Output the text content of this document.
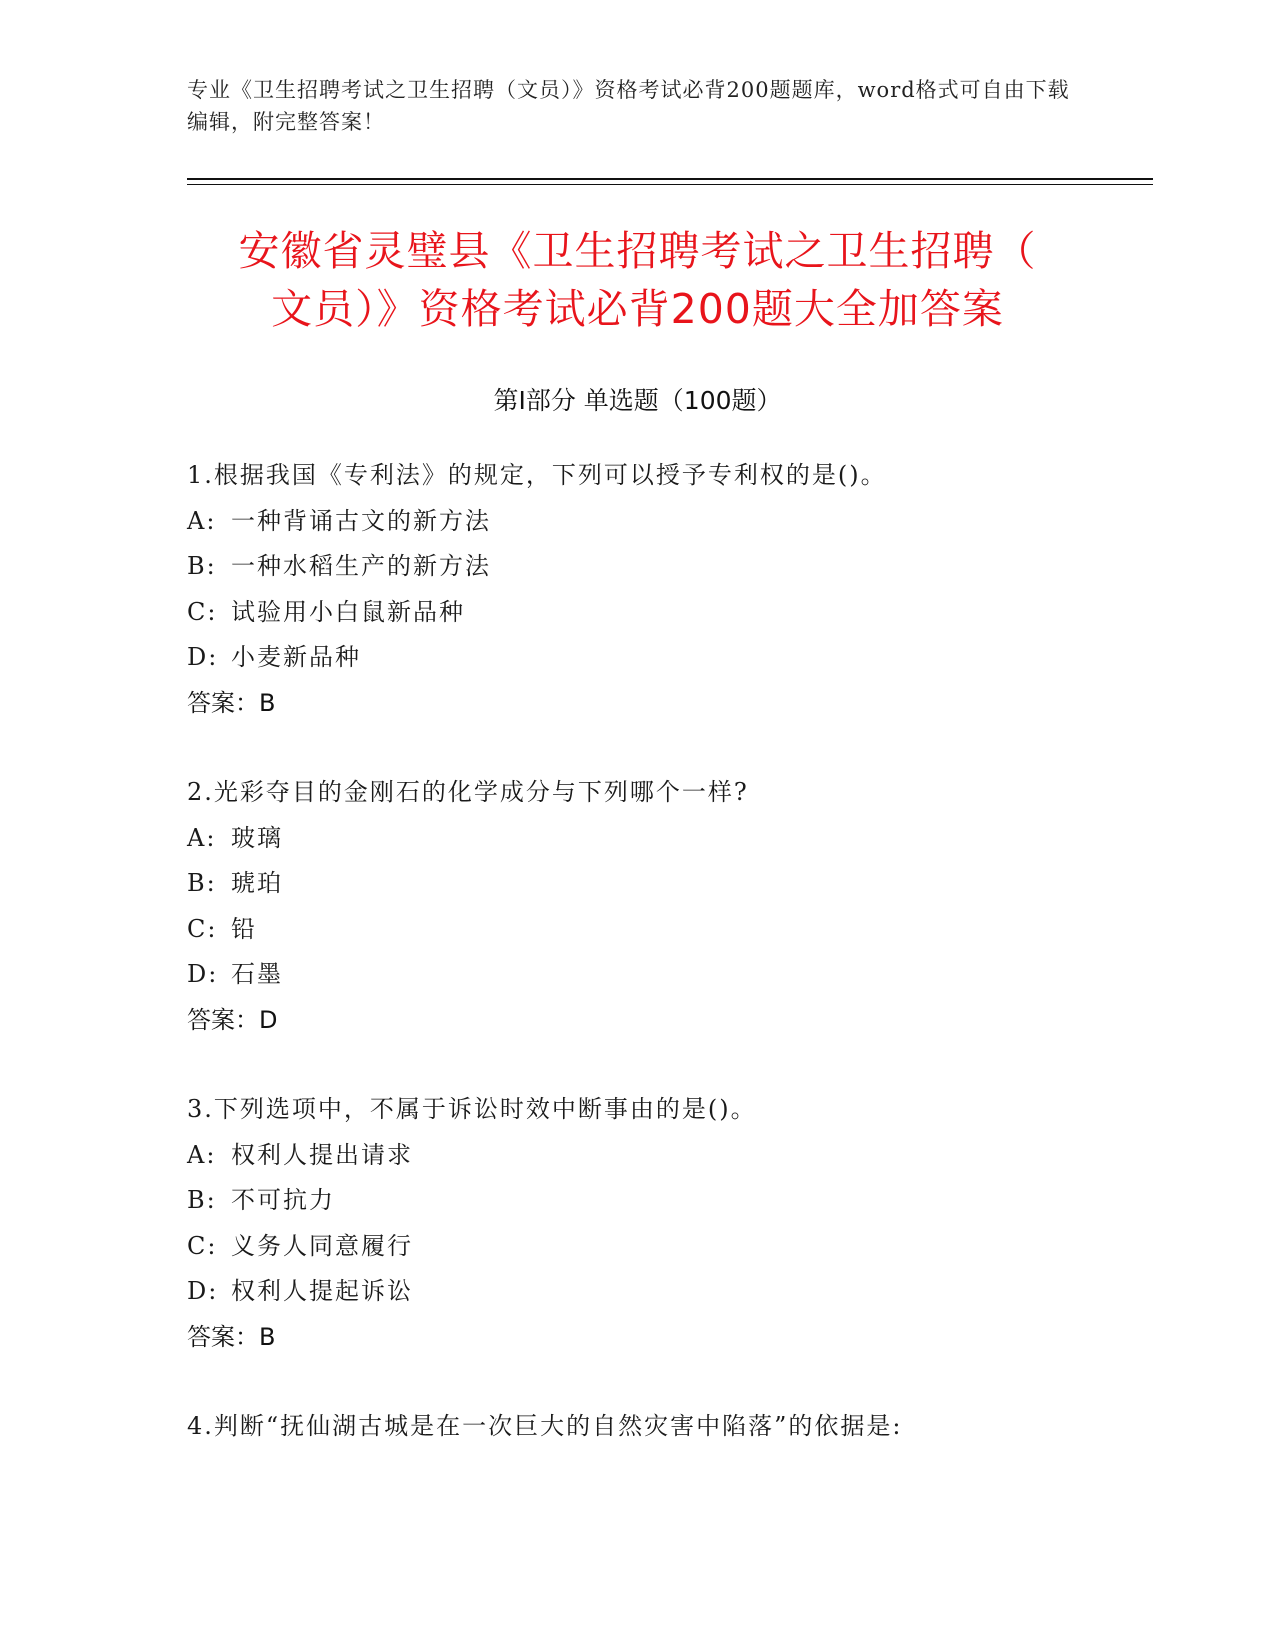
专业《卫生招聘考试之卫生招聘（文员）》资格考试必背200题题库，word格式可自由下载编辑，附完整答案！
安徽省灵璧县《卫生招聘考试之卫生招聘（
文员）》资格考试必背200题大全加答案
第I部分 单选题（100题）
1.根据我国《专利法》的规定，下列可以授予专利权的是()。
A: 一种背诵古文的新方法
B: 一种水稻生产的新方法
C: 试验用小白鼠新品种
D: 小麦新品种
答案：B
2.光彩夺目的金刚石的化学成分与下列哪个一样?
A: 玻璃
B: 琥珀
C: 铅
D: 石墨
答案：D
3.下列选项中，不属于诉讼时效中断事由的是()。
A: 权利人提出请求
B: 不可抗力
C: 义务人同意履行
D: 权利人提起诉讼
答案：B
4.判断“抚仙湖古城是在一次巨大的自然灾害中陷落”的依据是:
